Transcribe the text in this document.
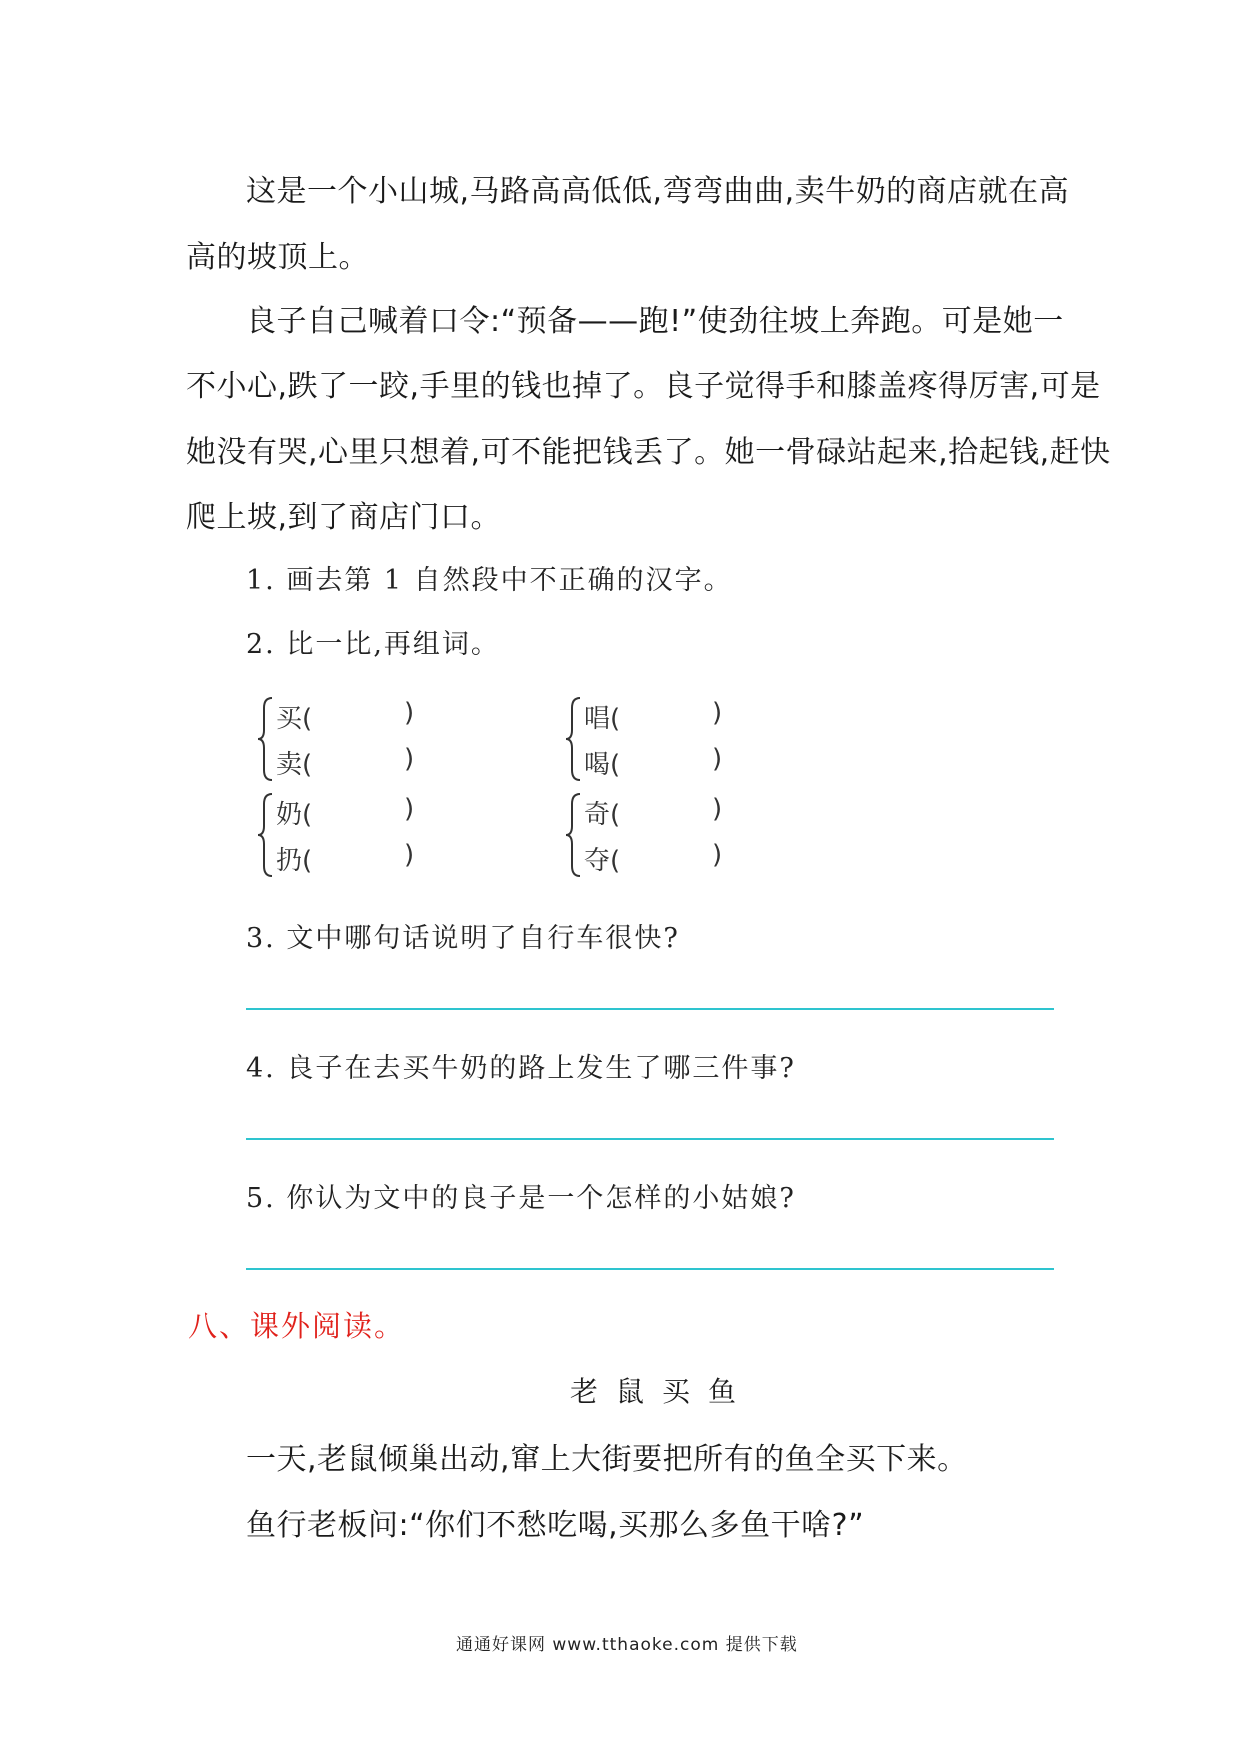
这是一个小山城,马路高高低低,弯弯曲曲,卖牛奶的商店就在高
高的坡顶上。
良子自己喊着口令:“预备——跑!”使劲往坡上奔跑。可是她一
不小心,跌了一跤,手里的钱也掉了。良子觉得手和膝盖疼得厉害,可是
她没有哭,心里只想着,可不能把钱丢了。她一骨碌站起来,拾起钱,赶快
爬上坡,到了商店门口。
1. 画去第 1 自然段中不正确的汉字。
2. 比一比,再组词。
买(	)
卖(	)
唱(	)
喝(	)
奶(	)
扔(	)
奇(	)
夺(	)
3. 文中哪句话说明了自行车很快?
4. 良子在去买牛奶的路上发生了哪三件事?
5. 你认为文中的良子是一个怎样的小姑娘?
八、课外阅读。
老鼠买鱼
一天,老鼠倾巢出动,窜上大街要把所有的鱼全买下来。
鱼行老板问:“你们不愁吃喝,买那么多鱼干啥?”
通通好课网 www.tthaoke.com 提供下载
